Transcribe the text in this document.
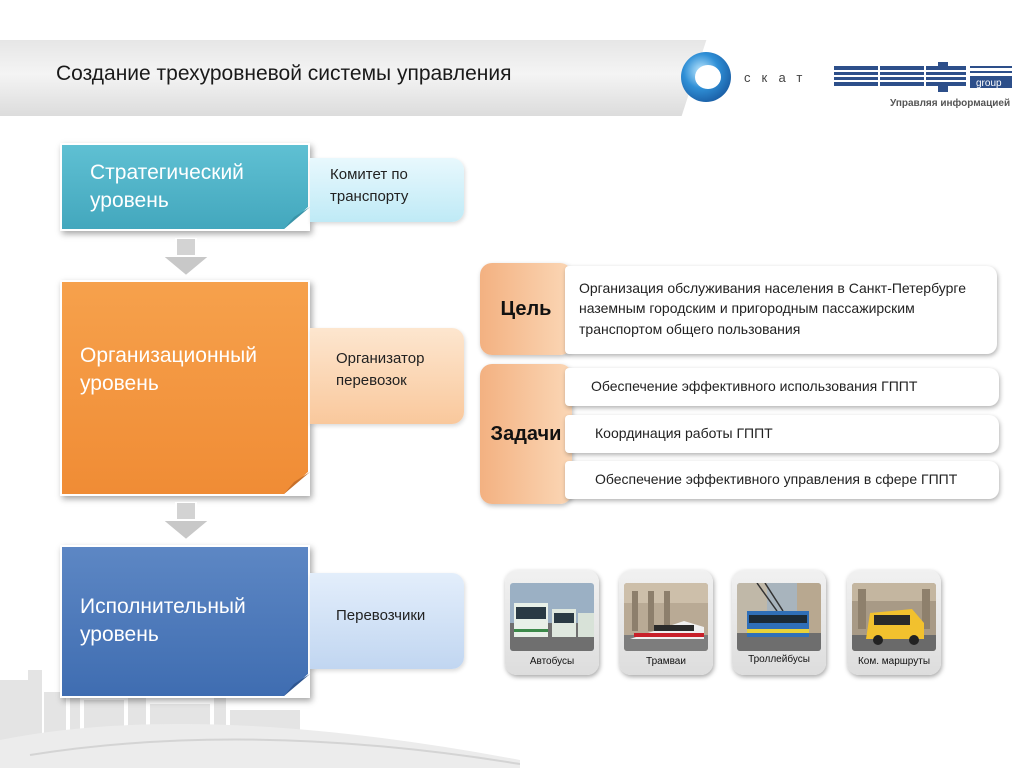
Создание трехуровневой системы управления	скат	group
Управляя информацией
Стратегический уровень
Комитет по транспорту
Организационный уровень
Организатор перевозок
Исполнительный уровень
Перевозчики
Цель
Организация обслуживания населения в Санкт-Петербурге наземным городским и пригородным пассажирским транспортом общего пользования
Задачи
Обеспечение эффективного использования ГППТ
Координация работы ГППТ
Обеспечение эффективного управления в сфере ГППТ
Автобусы	Трамваи	Троллейбусы	Ком. маршруты
